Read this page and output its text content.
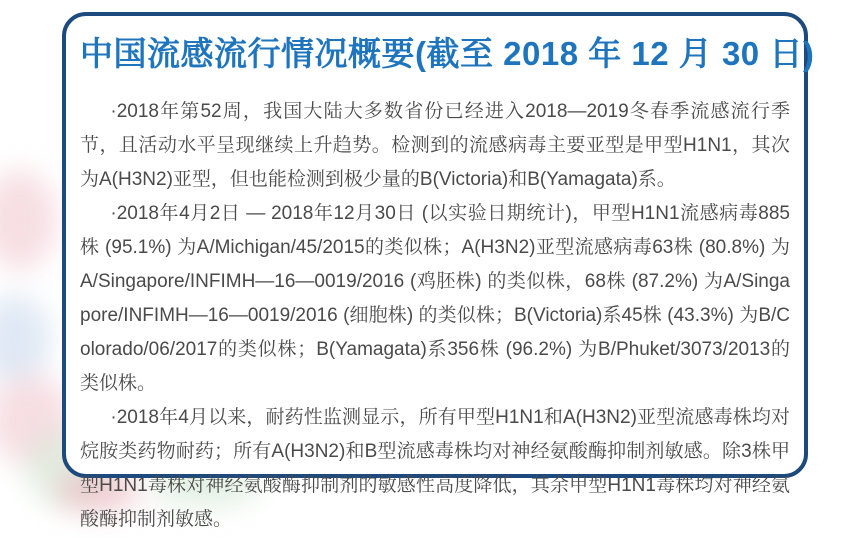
中国流感流行情况概要(截至 2018 年 12 月 30 日)

·2018年第52周，我国大陆大多数省份已经进入2018—2019冬春季流感流行季节，且活动水平呈现继续上升趋势。检测到的流感病毒主要亚型是甲型H1N1，其次为A(H3N2)亚型，但也能检测到极少量的B(Victoria)和B(Yamagata)系。

·2018年4月2日 — 2018年12月30日 (以实验日期统计)，甲型H1N1流感病毒885株 (95.1%) 为A/Michigan/45/2015的类似株；A(H3N2)亚型流感病毒63株 (80.8%) 为A/Singapore/INFIMH—16—0019/2016 (鸡胚株) 的类似株，68株 (87.2%) 为A/Singapore/INFIMH—16—0019/2016 (细胞株) 的类似株；B(Victoria)系45株 (43.3%) 为B/Colorado/06/2017的类似株；B(Yamagata)系356株 (96.2%) 为B/Phuket/3073/2013的类似株。

·2018年4月以来，耐药性监测显示，所有甲型H1N1和A(H3N2)亚型流感毒株均对烷胺类药物耐药；所有A(H3N2)和B型流感毒株均对神经氨酸酶抑制剂敏感。除3株甲型H1N1毒株对神经氨酸酶抑制剂的敏感性高度降低，其余甲型H1N1毒株均对神经氨酸酶抑制剂敏感。
